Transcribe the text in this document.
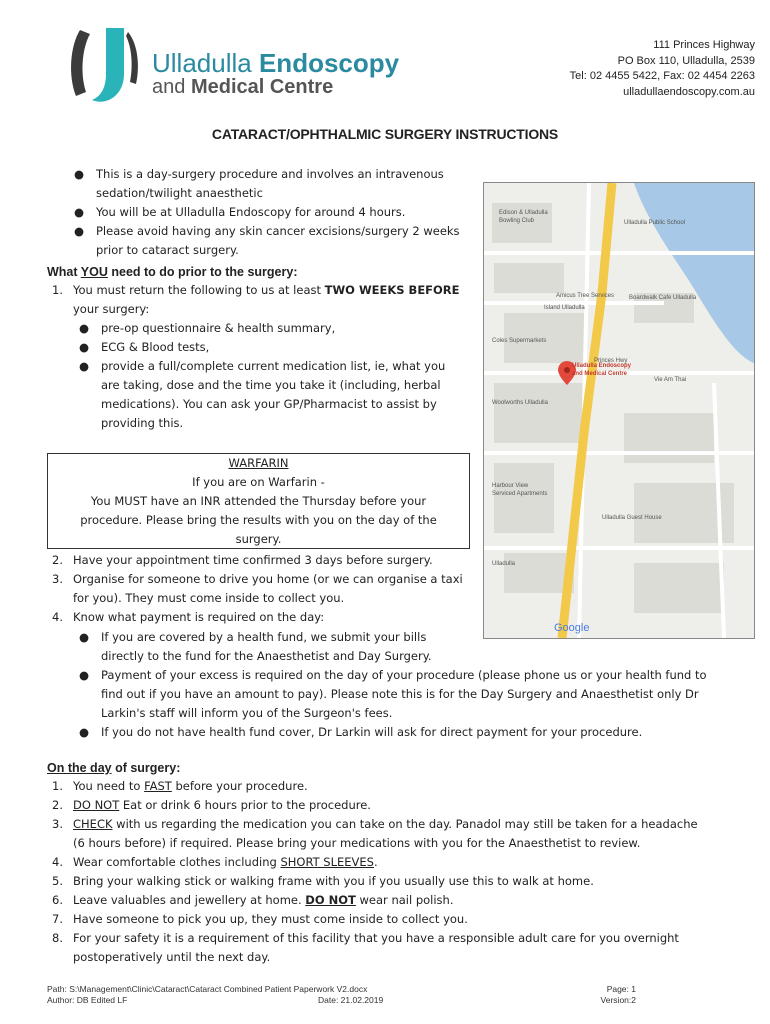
Ulladulla Endoscopy
and Medical Centre
111 Princes Highway
PO Box 110, Ulladulla, 2539
Tel: 02 4455 5422, Fax: 02 4454 2263
ulladullaendoscopy.com.au
CATARACT/OPHTHALMIC SURGERY INSTRUCTIONS
● This is a day-surgery procedure and involves an intravenous
sedation/twilight anaesthetic
● You will be at Ulladulla Endoscopy for around 4 hours.
● Please avoid having any skin cancer excisions/surgery 2 weeks
prior to cataract surgery.
What YOU need to do prior to the surgery:
1. You must return the following to us at least TWO WEEKS BEFORE
your surgery:
● pre-op questionnaire & health summary,
● ECG & Blood tests,
● provide a full/complete current medication list, ie, what you
are taking, dose and the time you take it (including, herbal
medications). You can ask your GP/Pharmacist to assist by
providing this.
WARFARIN
If you are on Warfarin -
You MUST have an INR attended the Thursday before your
procedure. Please bring the results with you on the day of the
surgery.
2. Have your appointment time confirmed 3 days before surgery.
3. Organise for someone to drive you home (or we can organise a taxi
for you). They must come inside to collect you.
4. Know what payment is required on the day:
● If you are covered by a health fund, we submit your bills
directly to the fund for the Anaesthetist and Day Surgery.
● Payment of your excess is required on the day of your procedure (please phone us or your health fund to
find out if you have an amount to pay). Please note this is for the Day Surgery and Anaesthetist only Dr
Larkin's staff will inform you of the Surgeon's fees.
● If you do not have health fund cover, Dr Larkin will ask for direct payment for your procedure.
On the day of surgery:
1. You need to FAST before your procedure.
2. DO NOT Eat or drink 6 hours prior to the procedure.
3. CHECK with us regarding the medication you can take on the day. Panadol may still be taken for a headache
(6 hours before) if required. Please bring your medications with you for the Anaesthetist to review.
4. Wear comfortable clothes including SHORT SLEEVES.
5. Bring your walking stick or walking frame with you if you usually use this to walk at home.
6. Leave valuables and jewellery at home. DO NOT wear nail polish.
7. Have someone to pick you up, they must come inside to collect you.
8. For your safety it is a requirement of this facility that you have a responsible adult care for you overnight
postoperatively until the next day.
Google
Edison & Ulladulla
Bowling Club	Ulladulla Public School
Princes Hwy
Amicus Tree Services Boardwalk Cafe Ulladulla
Island Ulladulla
Coles Supermarkets
Ulladulla Endoscopy
and Medical Centre
Vie Am Thai
Woolworths Ulladulla
Harbour View
Serviced Apartments
Ulladulla Guest House
Ulladulla
Path: S:\Management\Clinic\Cataract\Cataract Combined Patient Paperwork V2.docx
Author: DB Edited LF	Date: 21.02.2019
Page: 1
Version:2
